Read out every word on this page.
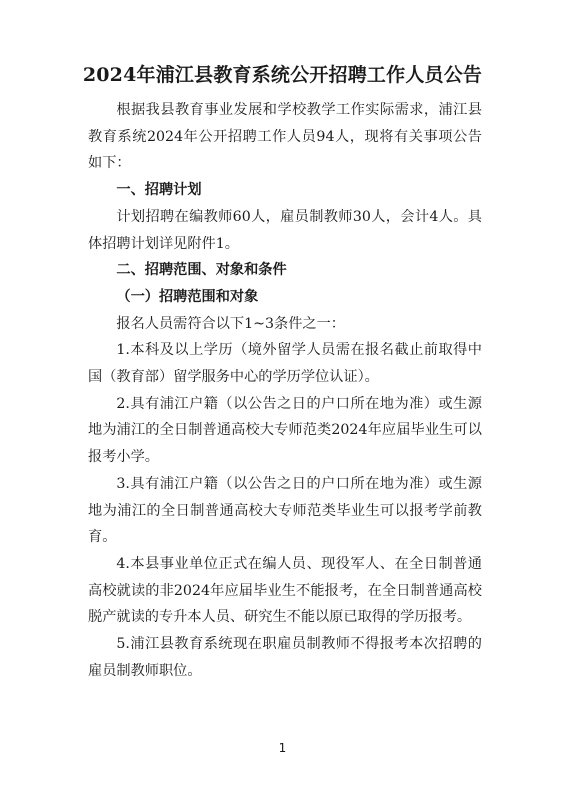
2024年浦江县教育系统公开招聘工作人员公告

根据我县教育事业发展和学校教学工作实际需求，浦江县教育系统2024年公开招聘工作人员94人，现将有关事项公告如下：

一、招聘计划

计划招聘在编教师60人，雇员制教师30人，会计4人。具体招聘计划详见附件1。

二、招聘范围、对象和条件

（一）招聘范围和对象

报名人员需符合以下1~3条件之一：

1.本科及以上学历（境外留学人员需在报名截止前取得中国（教育部）留学服务中心的学历学位认证）。

2.具有浦江户籍（以公告之日的户口所在地为准）或生源地为浦江的全日制普通高校大专师范类2024年应届毕业生可以报考小学。

3.具有浦江户籍（以公告之日的户口所在地为准）或生源地为浦江的全日制普通高校大专师范类毕业生可以报考学前教育。

4.本县事业单位正式在编人员、现役军人、在全日制普通高校就读的非2024年应届毕业生不能报考，在全日制普通高校脱产就读的专升本人员、研究生不能以原已取得的学历报考。

5.浦江县教育系统现在职雇员制教师不得报考本次招聘的雇员制教师职位。

1
